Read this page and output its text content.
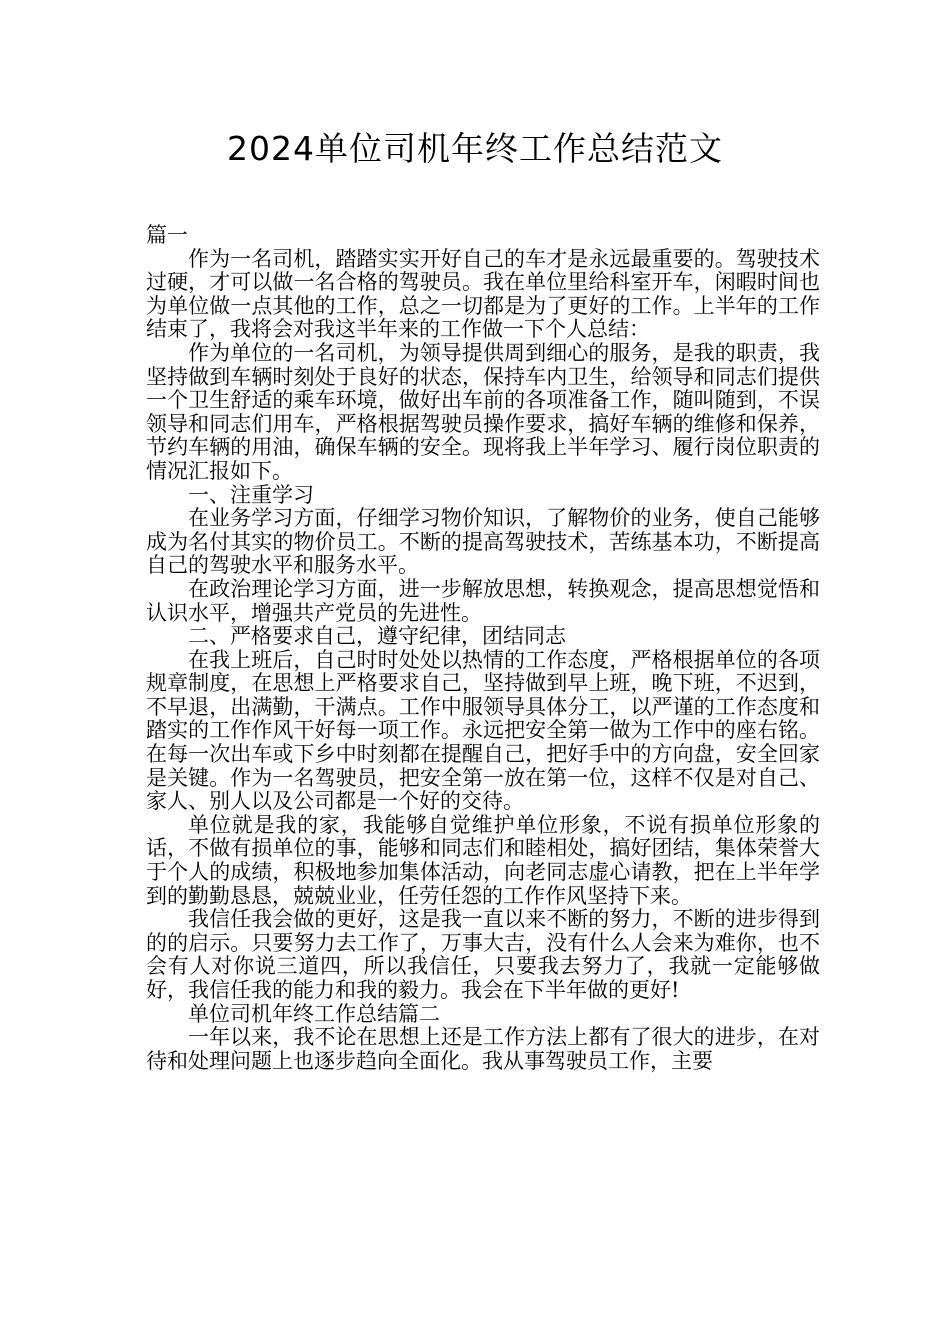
2024单位司机年终工作总结范文

篇一

作为一名司机，踏踏实实开好自己的车才是永远最重要的。驾驶技术过硬，才可以做一名合格的驾驶员。我在单位里给科室开车，闲暇时间也为单位做一点其他的工作，总之一切都是为了更好的工作。上半年的工作结束了，我将会对我这半年来的工作做一下个人总结：

作为单位的一名司机，为领导提供周到细心的服务，是我的职责，我坚持做到车辆时刻处于良好的状态，保持车内卫生，给领导和同志们提供一个卫生舒适的乘车环境，做好出车前的各项准备工作，随叫随到，不误领导和同志们用车，严格根据驾驶员操作要求，搞好车辆的维修和保养，节约车辆的用油，确保车辆的安全。现将我上半年学习、履行岗位职责的情况汇报如下。

一、注重学习

在业务学习方面，仔细学习物价知识，了解物价的业务，使自己能够成为名付其实的物价员工。不断的提高驾驶技术，苦练基本功，不断提高自己的驾驶水平和服务水平。

在政治理论学习方面，进一步解放思想，转换观念，提高思想觉悟和认识水平，增强共产党员的先进性。

二、严格要求自己，遵守纪律，团结同志

在我上班后，自己时时处处以热情的工作态度，严格根据单位的各项规章制度，在思想上严格要求自己，坚持做到早上班，晚下班，不迟到，不早退，出满勤，干满点。工作中服领导具体分工，以严谨的工作态度和踏实的工作作风干好每一项工作。永远把安全第一做为工作中的座右铭。在每一次出车或下乡中时刻都在提醒自己，把好手中的方向盘，安全回家是关键。作为一名驾驶员，把安全第一放在第一位，这样不仅是对自己、家人、别人以及公司都是一个好的交待。

单位就是我的家，我能够自觉维护单位形象，不说有损单位形象的话，不做有损单位的事，能够和同志们和睦相处，搞好团结，集体荣誉大于个人的成绩，积极地参加集体活动，向老同志虚心请教，把在上半年学到的勤勤恳恳，兢兢业业，任劳任怨的工作作风坚持下来。

我信任我会做的更好，这是我一直以来不断的努力，不断的进步得到的的启示。只要努力去工作了，万事大吉，没有什么人会来为难你，也不会有人对你说三道四，所以我信任，只要我去努力了，我就一定能够做好，我信任我的能力和我的毅力。我会在下半年做的更好!

单位司机年终工作总结篇二

一年以来，我不论在思想上还是工作方法上都有了很大的进步，在对待和处理问题上也逐步趋向全面化。我从事驾驶员工作，主要
